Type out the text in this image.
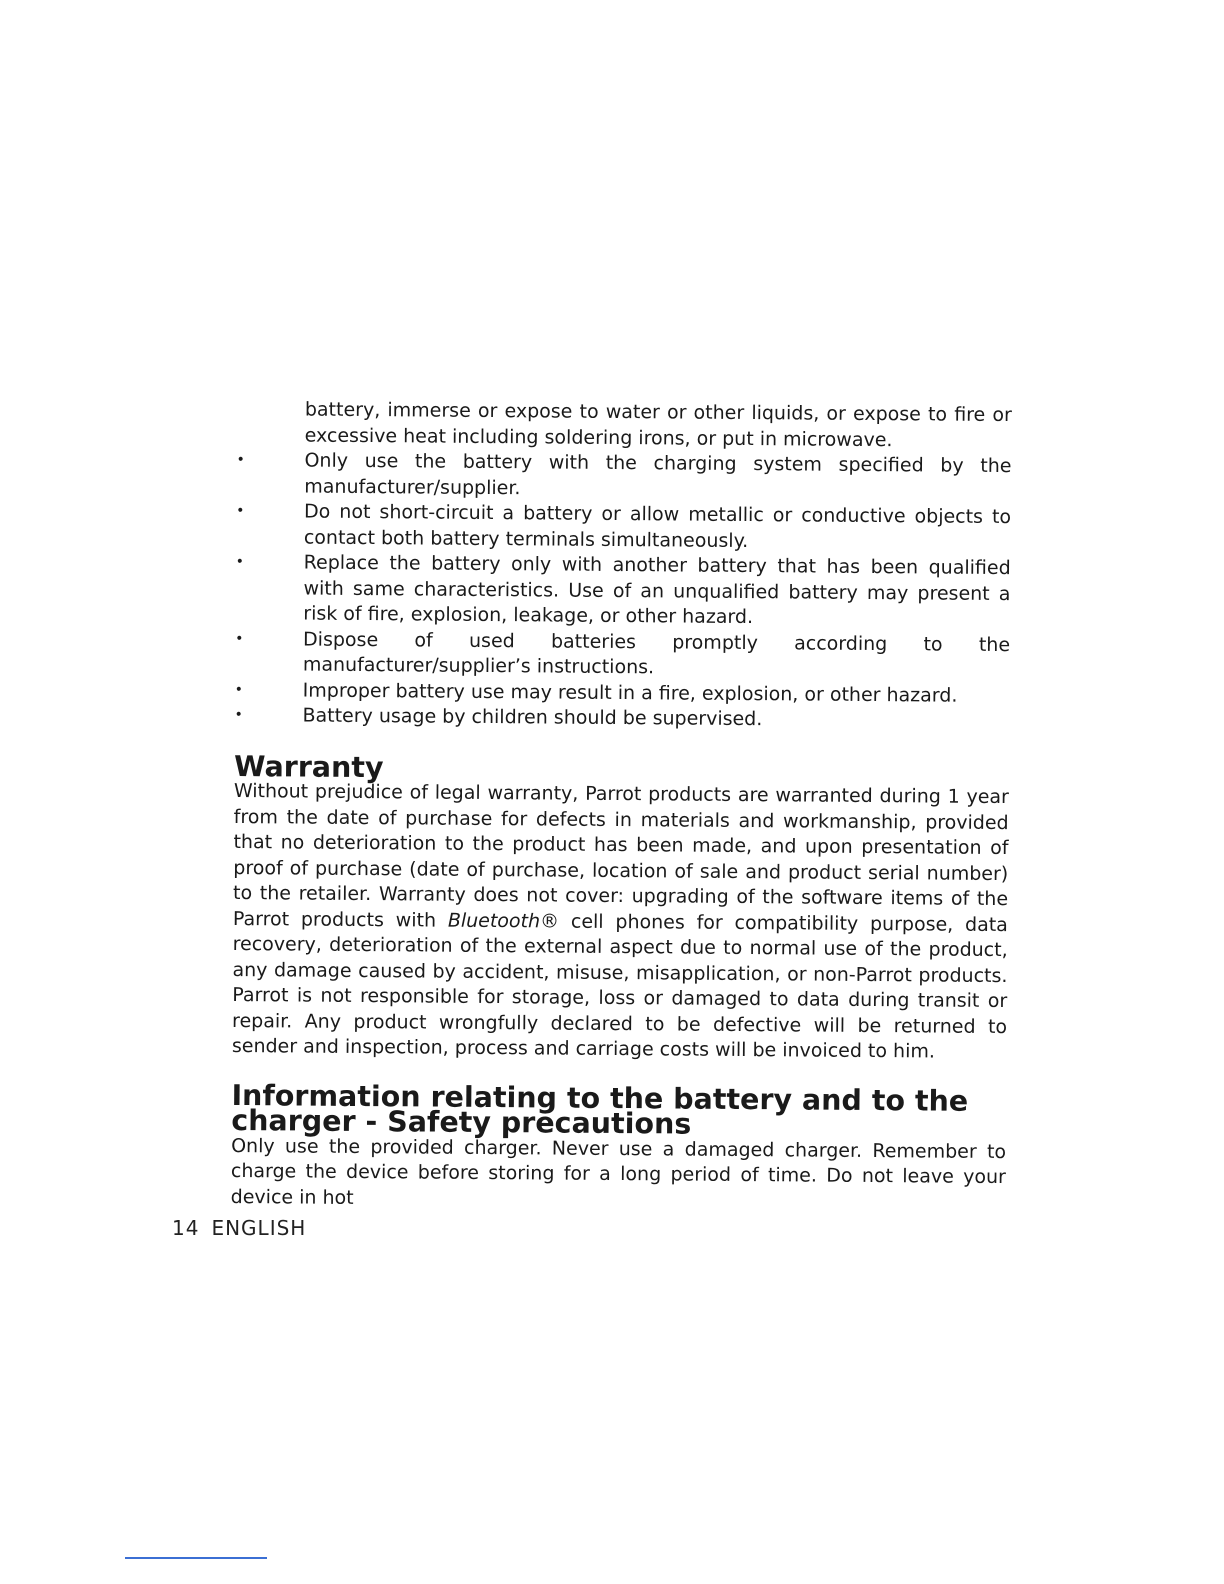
battery, immerse or expose to water or other liquids, or expose to fire or excessive heat including soldering irons, or put in microwave.

•	Only use the battery with the charging system specified by the manufacturer/supplier.
•	Do not short-circuit a battery or allow metallic or conductive objects to contact both battery terminals simultaneously.
•	Replace the battery only with another battery that has been qualified with same characteristics. Use of an unqualified battery may present a risk of fire, explosion, leakage, or other hazard.
•	Dispose of used batteries promptly according to the manufacturer/supplier’s instructions.
•	Improper battery use may result in a fire, explosion, or other hazard.
•	Battery usage by children should be supervised.
Warranty

Without prejudice of legal warranty, Parrot products are warranted during 1 year from the date of purchase for defects in materials and workmanship, provided that no deterioration to the product has been made, and upon presentation of proof of purchase (date of purchase, location of sale and product serial number) to the retailer. Warranty does not cover: upgrading of the software items of the Parrot products with Bluetooth® cell phones for compatibility purpose, data recovery, deterioration of the external aspect due to normal use of the product, any damage caused by accident, misuse, misapplication, or non-Parrot products. Parrot is not responsible for storage, loss or damaged to data during transit or repair. Any product wrongfully declared to be defective will be returned to sender and inspection, process and carriage costs will be invoiced to him.

Information relating to the battery and to the charger - Safety precautions

Only use the provided charger. Never use a damaged charger. Remember to charge the device before storing for a long period of time. Do not leave your device in hot

14 ENGLISH
